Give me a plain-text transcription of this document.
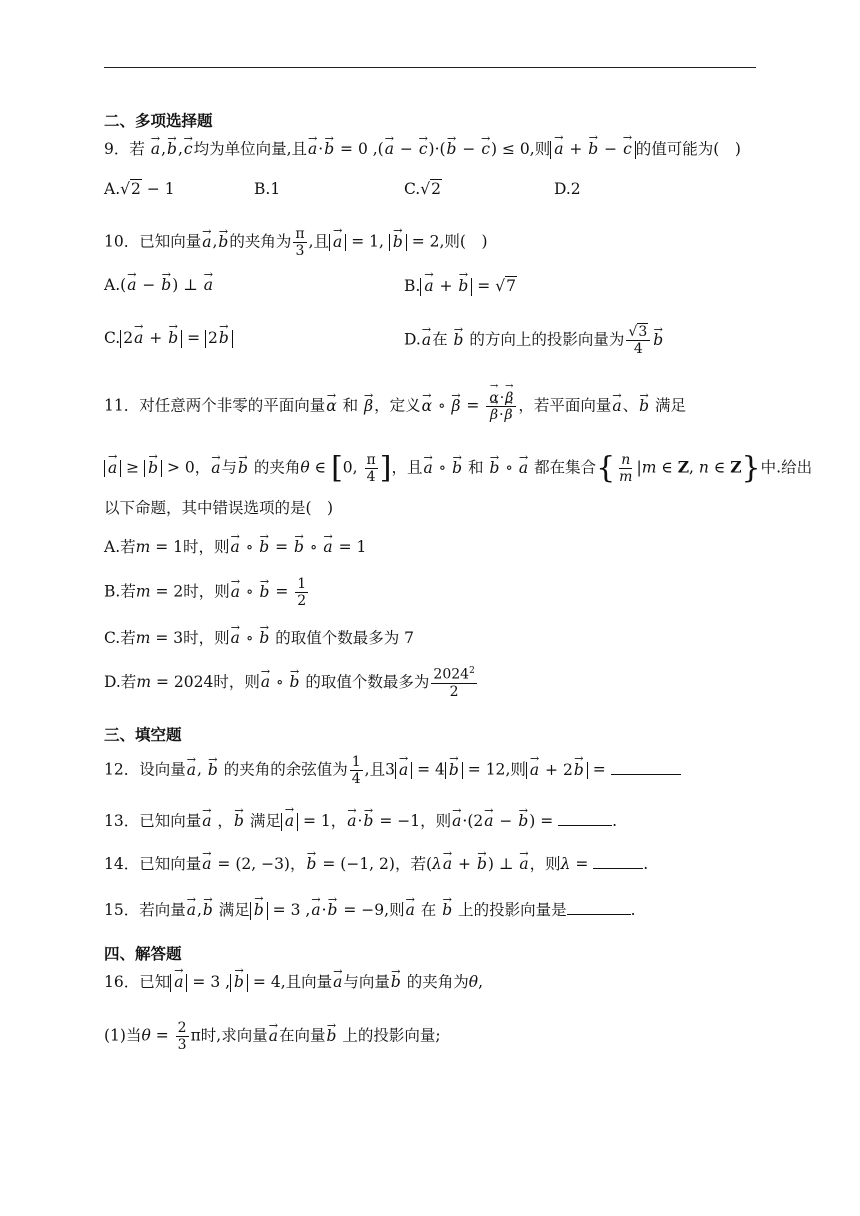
二、多项选择题
9．若 → a,→ b,→ c均为单位向量,且→ a·→ b = 0 ,(→ a − → c)·(→ b − → c) ≤ 0,则→ a + → b − → c 的值可能为(　)
A.√2 − 1	B.1	C.√2	D.2
10．已知向量→ a,→ b的夹角为 $\frac{\pi}{3}$ ,且→ a = 1, → b = 2,则(　)
A.(→ a − → b) ⊥ → a	B.→ a + → b = √7
C. 2→ a + → b = 2→ b	D.→ a在 → b 的方向上的投影向量为 $\frac{√3}{4}$
→ b
11．对任意两个非零的平面向量→ α 和 → β，定义→ α ∘ → β =
→ α·→ β
→ β·→ β ，若平面向量→ a、→ b 满足
→ a ≥ → b > 0，→ a与→ b 的夹角θ ∈ [0, $\frac{\pi}{4}$ ]，且→ a ∘ → b 和 → b ∘ → a 都在集合{ $\frac{n}{m} |m$ ∈ Z, n ∈ Z}中.给出
以下命题，其中错误选项的是(　)
A.若m = 1时，则→ a ∘ → b = → b ∘ → a = 1
B.若m = 2时，则→ a ∘ → $b = \frac{1}{2}$
C.若m = 3时，则→ a ∘ → b 的取值个数最多为 7
D.若m = 2024时，则→ a ∘ → b 的取值个数最多为 $\frac{2024^2}{2}$
三、填空题
12．设向量→ a, → b 的夹角的余弦值为 $\frac{1}{4}$ ,且3→ a = 4→ b = 12,则→ a + 2→ b =
13．已知向量→ a ，→ b 满足→ a = 1，→ a·→ b = −1，则→ a·(2→ a − → b) =	.
14．已知向量→ a = (2, −3)，→ b = (−1, 2)，若(λ→ a + → b) ⊥ → a，则λ =	.
15．若向量→ a,→ b 满足→ b = 3 ,→ a·→ b = −9,则→ a 在 → b 上的投影向量是	.
四、解答题
16．已知→ a = 3 ,→ b = 4,且向量→ a与向量→ b 的夹角为θ,
(1)当$\theta = \frac{2}{3}$ π时,求向量→ a在向量→ b 上的投影向量;
